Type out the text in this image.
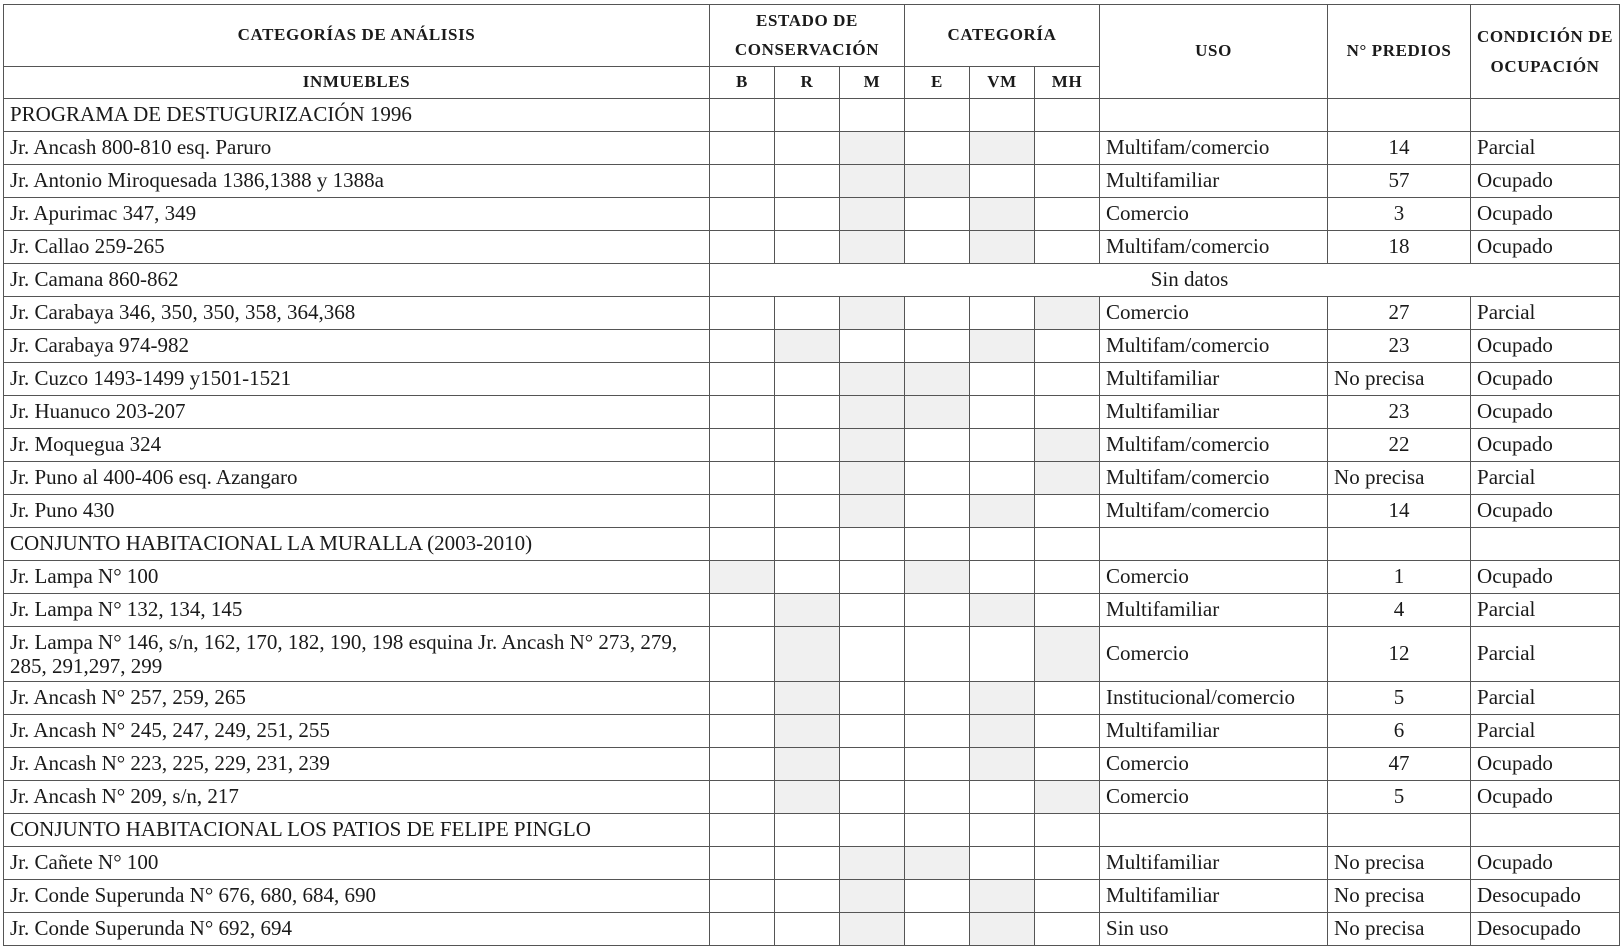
CATEGORÍAS DE ANÁLISIS	ESTADO DE CONSERVACIÓN			CATEGORÍA			USO	N° PREDIOS	CONDICIÓN DE OCUPACIÓN
INMUEBLES	B	R	M	E	VM	MH			
PROGRAMA DE DESTUGURIZACIÓN 1996									
Jr. Ancash 800-810 esq. Paruro							Multifam/comercio	14	Parcial
Jr. Antonio Miroquesada 1386,1388 y 1388a							Multifamiliar	57	Ocupado
Jr. Apurimac 347, 349							Comercio	3	Ocupado
Jr. Callao 259-265							Multifam/comercio	18	Ocupado
Jr. Camana 860-862	Sin datos								
Jr. Carabaya 346, 350, 350, 358, 364,368							Comercio	27	Parcial
Jr. Carabaya 974-982							Multifam/comercio	23	Ocupado
Jr. Cuzco 1493-1499 y1501-1521							Multifamiliar	No precisa	Ocupado
Jr. Huanuco 203-207							Multifamiliar	23	Ocupado
Jr. Moquegua 324							Multifam/comercio	22	Ocupado
Jr. Puno al 400-406 esq. Azangaro							Multifam/comercio	No precisa	Parcial
Jr. Puno 430							Multifam/comercio	14	Ocupado
CONJUNTO HABITACIONAL LA MURALLA (2003-2010)									
Jr. Lampa N° 100							Comercio	1	Ocupado
Jr. Lampa N° 132, 134, 145							Multifamiliar	4	Parcial
Jr. Lampa N° 146, s/n, 162, 170, 182, 190, 198 esquina Jr. Ancash N° 273, 279, 285, 291,297, 299							Comercio	12	Parcial
Jr. Ancash N° 257, 259, 265							Institucional/comercio	5	Parcial
Jr. Ancash N° 245, 247, 249, 251, 255							Multifamiliar	6	Parcial
Jr. Ancash N° 223, 225, 229, 231, 239							Comercio	47	Ocupado
Jr. Ancash N° 209, s/n, 217							Comercio	5	Ocupado
CONJUNTO HABITACIONAL LOS PATIOS DE FELIPE PINGLO									
Jr. Cañete N° 100							Multifamiliar	No precisa	Ocupado
Jr. Conde Superunda N° 676, 680, 684, 690							Multifamiliar	No precisa	Desocupado
Jr. Conde Superunda N° 692, 694							Sin uso	No precisa	Desocupado
